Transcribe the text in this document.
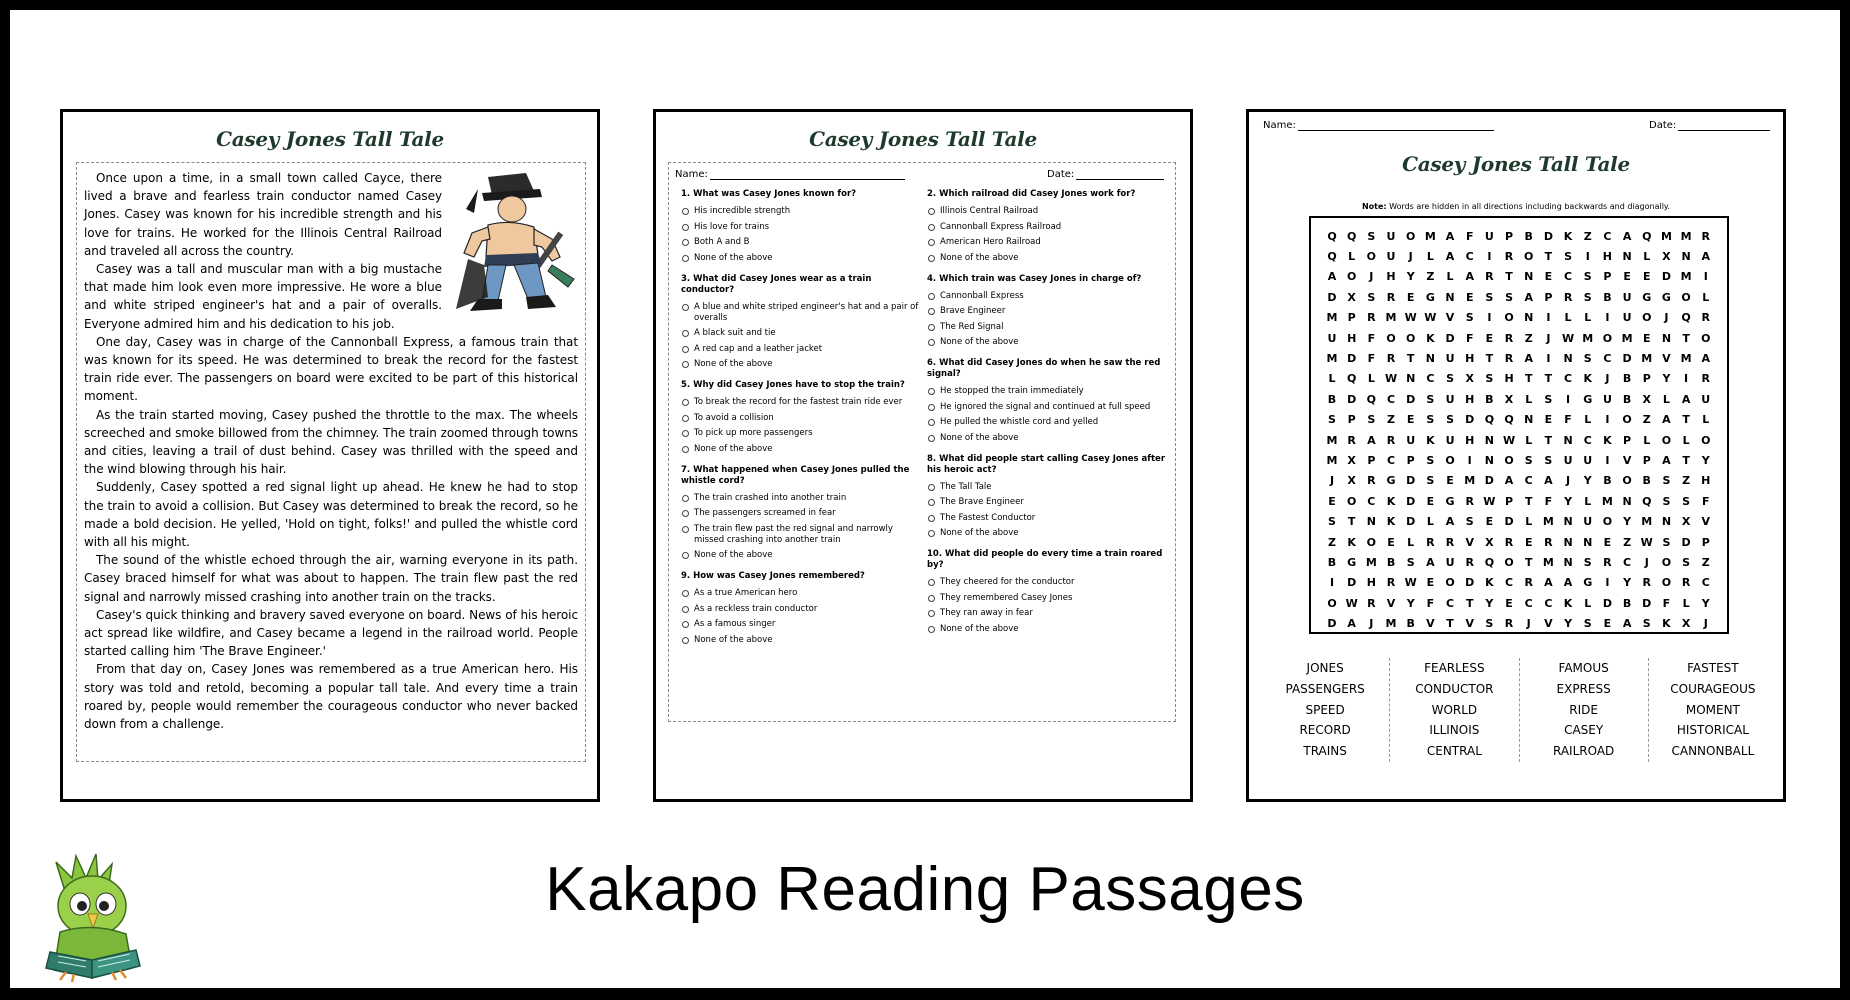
Casey Jones Tall Tale

Once upon a time, in a small town called Cayce, there lived a brave and fearless train conductor named Casey Jones. Casey was known for his incredible strength and his love for trains. He worked for the Illinois Central Railroad and traveled all across the country.

Casey was a tall and muscular man with a big mustache that made him look even more impressive. He wore a blue and white striped engineer's hat and a pair of overalls. Everyone admired him and his dedication to his job.

One day, Casey was in charge of the Cannonball Express, a famous train that was known for its speed. He was determined to break the record for the fastest train ride ever. The passengers on board were excited to be part of this historical moment.

As the train started moving, Casey pushed the throttle to the max. The wheels screeched and smoke billowed from the chimney. The train zoomed through towns and cities, leaving a trail of dust behind. Casey was thrilled with the speed and the wind blowing through his hair.

Suddenly, Casey spotted a red signal light up ahead. He knew he had to stop the train to avoid a collision. But Casey was determined to break the record, so he made a bold decision. He yelled, 'Hold on tight, folks!' and pulled the whistle cord with all his might.

The sound of the whistle echoed through the air, warning everyone in its path. Casey braced himself for what was about to happen. The train flew past the red signal and narrowly missed crashing into another train on the tracks.

Casey's quick thinking and bravery saved everyone on board. News of his heroic act spread like wildfire, and Casey became a legend in the railroad world. People started calling him 'The Brave Engineer.'

From that day on, Casey Jones was remembered as a true American hero. His story was told and retold, becoming a popular tall tale. And every time a train roared by, people would remember the courageous conductor who never backed down from a challenge.

Casey Jones Tall Tale
Name:	Date:
1. What was Casey Jones known for?
His incredible strength
His love for trains
Both A and B
None of the above
3. What did Casey Jones wear as a train conductor?
A blue and white striped engineer's hat and a pair of overalls
A black suit and tie
A red cap and a leather jacket
None of the above
5. Why did Casey Jones have to stop the train?
To break the record for the fastest train ride ever
To avoid a collision
To pick up more passengers
None of the above
7. What happened when Casey Jones pulled the whistle cord?
The train crashed into another train
The passengers screamed in fear
The train flew past the red signal and narrowly missed crashing into another train
None of the above
9. How was Casey Jones remembered?
As a true American hero
As a reckless train conductor
As a famous singer
None of the above
2. Which railroad did Casey Jones work for?
Illinois Central Railroad
Cannonball Express Railroad
American Hero Railroad
None of the above
4. Which train was Casey Jones in charge of?
Cannonball Express
Brave Engineer
The Red Signal
None of the above
6. What did Casey Jones do when he saw the red signal?
He stopped the train immediately
He ignored the signal and continued at full speed
He pulled the whistle cord and yelled
None of the above
8. What did people start calling Casey Jones after his heroic act?
The Tall Tale
The Brave Engineer
The Fastest Conductor
None of the above
10. What did people do every time a train roared by?
They cheered for the conductor
They remembered Casey Jones
They ran away in fear
None of the above
Name:	Date:
Casey Jones Tall Tale
Note: Words are hidden in all directions including backwards and diagonally.
Q Q	S	U O M A	F	U	P	B D K	Z	C	A Q M M R
Q	L	O U	J	L	A	C	I	R O	T	S	I	H N	L	X N A
A O	J	H	Y	Z	L	A	R	T	N	E	C	S	P	E	E	D M	I
D X	S	R	E	G N	E	S	S	A	P	R	S	B	U G G O	L
M P	R M W W V	S	I	O N	I	L	L	I	U O	J	Q R
U H	F	O O K D	F	E	R	Z	J	W M O M E	N	T	O
M D	F	R	T	N U H	T	R	A	I	N	S	C	D M V M A
L	Q	L W N	C	S	X	S	H	T	T	C	K	J	B	P	Y	I	R
B D Q C	D	S	U H B	X	L	S	I	G U	B	X	L	A U
S	P	S	Z	E	S	S	D Q Q N	E	F	L	I	O	Z	A	T	L
M R	A	R U K U H N W L	T	N	C	K	P	L	O	L	O
M X	P	C	P	S	O	I	N O	S	S	U U	I	V	P	A	T	Y
J	X	R G D	S	E M D A	C	A	J	Y	B O B	S	Z	H
E	O C	K D	E	G R W P	T	F	Y	L M N Q	S	S	F
S	T	N K D	L	A	S	E	D	L M N U O	Y M N X	V
Z	K O	E	L	R	R	V	X	R	E	R N N	E	Z W S	D	P
B G M B	S	A U R Q O	T M N	S	R	C	J	O	S	Z
I	D H R W E	O D K	C	R	A	A G	I	Y	R O R	C
O W R	V	Y	F	C	T	Y	E	C	C	K	L	D B D	F	L	Y
D A	J	M B	V	T	V	S	R	J	V	Y	S	E	A	S	K	X	J
JONES
PASSENGERS
SPEED
RECORD
TRAINS
FEARLESS
CONDUCTOR
WORLD
ILLINOIS
CENTRAL
FAMOUS
EXPRESS
RIDE
CASEY
RAILROAD
FASTEST
COURAGEOUS
MOMENT
HISTORICAL
CANNONBALL
Kakapo Reading Passages
